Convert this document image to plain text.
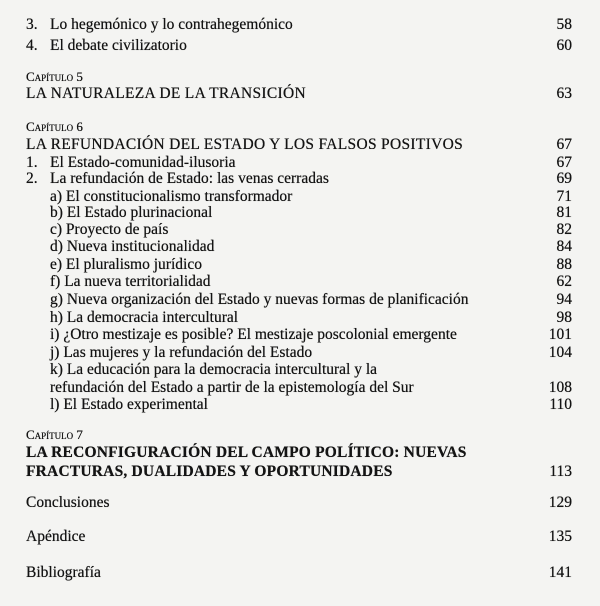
3. Lo hegemónico y lo contrahegemónico	58
4. El debate civilizatorio	60
Capítulo 5
LA NATURALEZA DE LA TRANSICIÓN	63
Capítulo 6
LA REFUNDACIÓN DEL ESTADO Y LOS FALSOS POSITIVOS	67
1. El Estado-comunidad-ilusoria	67
2. La refundación de Estado: las venas cerradas	69
a) El constitucionalismo transformador	71
b) El Estado plurinacional	81
c) Proyecto de país	82
d) Nueva institucionalidad	84
e) El pluralismo jurídico	88
f) La nueva territorialidad	62
g) Nueva organización del Estado y nuevas formas de planificación	94
h) La democracia intercultural	98
i) ¿Otro mestizaje es posible? El mestizaje poscolonial emergente	101
j) Las mujeres y la refundación del Estado	104
k) La educación para la democracia intercultural y la
refundación del Estado a partir de la epistemología del Sur	108
l) El Estado experimental	110
Capítulo 7
LA RECONFIGURACIÓN DEL CAMPO POLÍTICO: NUEVAS
FRACTURAS, DUALIDADES Y OPORTUNIDADES	113
Conclusiones	129
Apéndice	135
Bibliografía	141
